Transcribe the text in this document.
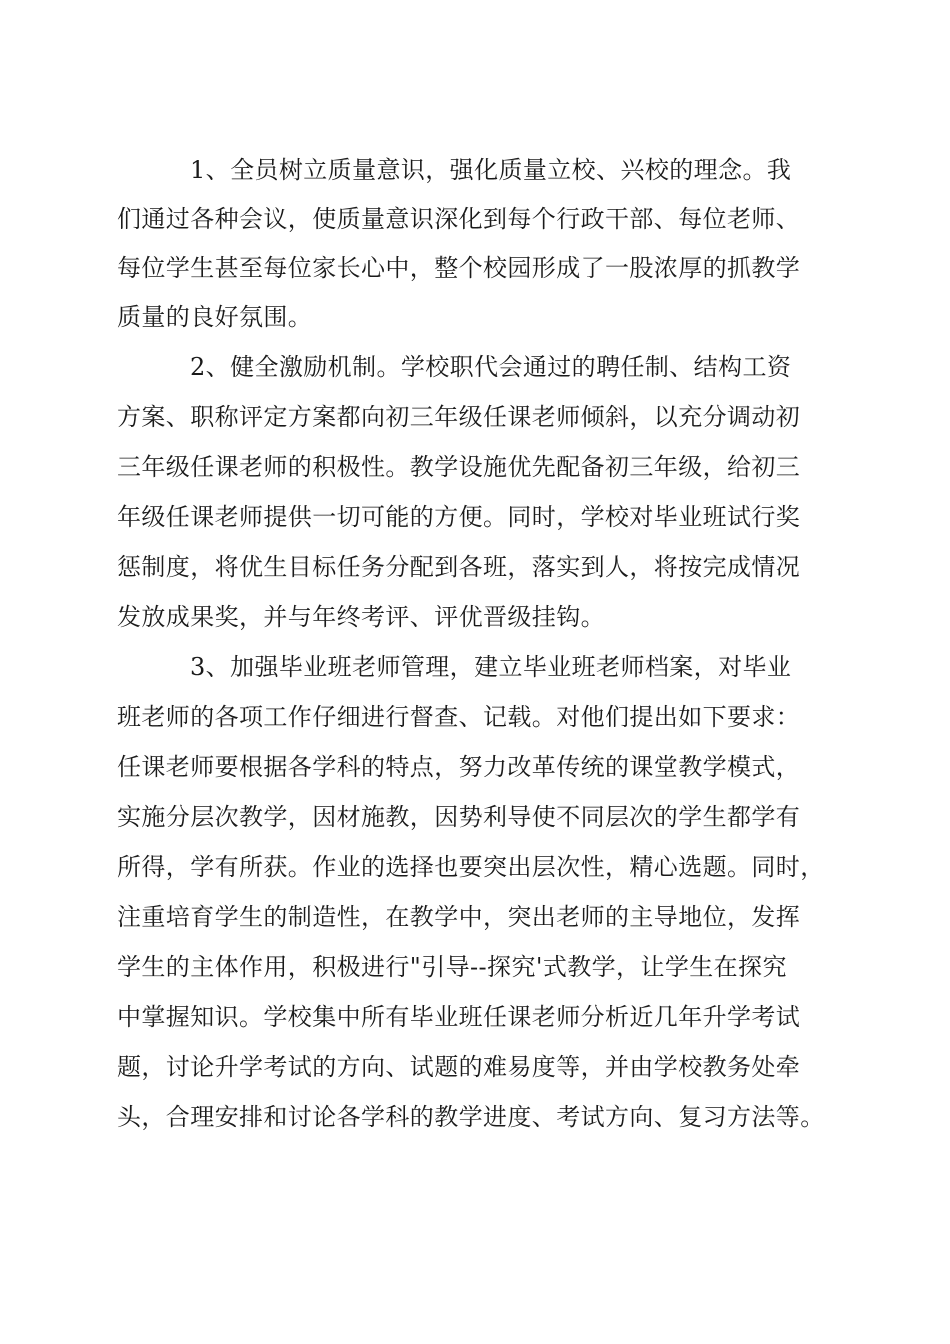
1、全员树立质量意识，强化质量立校、兴校的理念。我
们通过各种会议，使质量意识深化到每个行政干部、每位老师、
每位学生甚至每位家长心中，整个校园形成了一股浓厚的抓教学
质量的良好氛围。
2、健全激励机制。学校职代会通过的聘任制、结构工资
方案、职称评定方案都向初三年级任课老师倾斜，以充分调动初
三年级任课老师的积极性。教学设施优先配备初三年级，给初三
年级任课老师提供一切可能的方便。同时，学校对毕业班试行奖
惩制度，将优生目标任务分配到各班，落实到人，将按完成情况
发放成果奖，并与年终考评、评优晋级挂钩。
3、加强毕业班老师管理，建立毕业班老师档案，对毕业
班老师的各项工作仔细进行督查、记载。对他们提出如下要求：
任课老师要根据各学科的特点，努力改革传统的课堂教学模式，
实施分层次教学，因材施教，因势利导使不同层次的学生都学有
所得，学有所获。作业的选择也要突出层次性，精心选题。同时，
注重培育学生的制造性，在教学中，突出老师的主导地位，发挥
学生的主体作用，积极进行"引导--探究'式教学，让学生在探究
中掌握知识。学校集中所有毕业班任课老师分析近几年升学考试
题，讨论升学考试的方向、试题的难易度等，并由学校教务处牵
头，合理安排和讨论各学科的教学进度、考试方向、复习方法等。
